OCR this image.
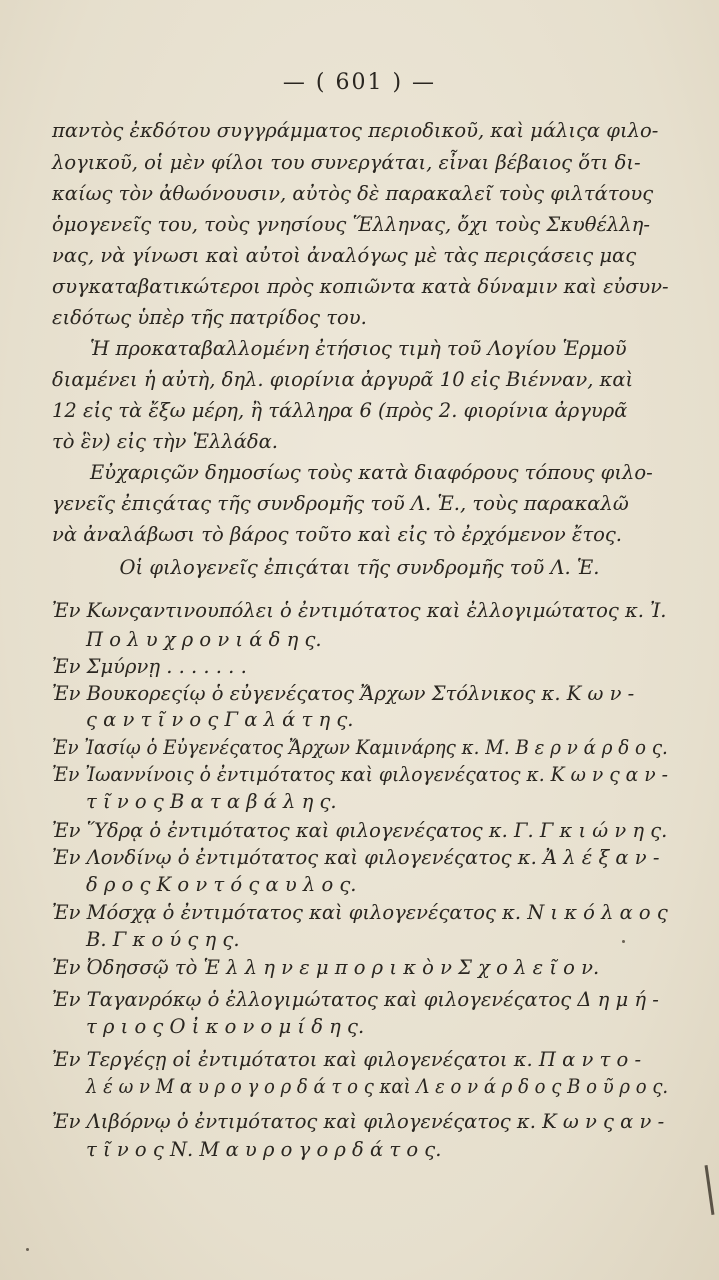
— ( 601 ) —
παντὸς ἐκδότου συγγράμματος περιοδικοῦ, καὶ μάλιςα φιλο-
λογικοῦ, οἱ μὲν φίλοι του συνεργάται, εἶναι βέβαιος ὅτι δι-
καίως τὸν ἀθωόνουσιν, αὐτὸς δὲ παρακαλεῖ τοὺς φιλτάτους
ὁμογενεῖς του, τοὺς γνησίους Ἕλληνας, ὄχι τοὺς Σκυθέλλη-
νας, νὰ γίνωσι καὶ αὐτοὶ ἀναλόγως μὲ τὰς περιςάσεις μας
συγκαταβατικώτεροι πρὸς κοπιῶντα κατὰ δύναμιν καὶ εὐσυν-
ειδότως ὑπὲρ τῆς πατρίδος του.
Ἡ προκαταβαλλομένη ἐτήσιος τιμὴ τοῦ Λογίου Ἑρμοῦ
διαμένει ἡ αὐτὴ, δηλ. φιορίνια ἀργυρᾶ 10 εἰς Βιένναν, καὶ
12 εἰς τὰ ἔξω μέρη, ἢ τάλληρα 6 (πρὸς 2. φιορίνια ἀργυρᾶ
τὸ ἓν) εἰς τὴν Ἑλλάδα.
Εὐχαριςῶν δημοσίως τοὺς κατὰ διαφόρους τόπους φιλο-
γενεῖς ἐπιςάτας τῆς συνδρομῆς τοῦ Λ. Ἑ., τοὺς παρακαλῶ
νὰ ἀναλάβωσι τὸ βάρος τοῦτο καὶ εἰς τὸ ἐρχόμενον ἔτος.
Οἱ φιλογενεῖς ἐπιςάται τῆς συνδρομῆς τοῦ Λ. Ἑ.
Ἐν Κωνςαντινουπόλει ὁ ἐντιμότατος καὶ ἐλλογιμώτατος κ. Ἰ.
Π ο λ υ χ ρ ο ν ι ά δ η ς.
Ἐν Σμύρνῃ . . . . . . .
Ἐν Βουκορεςίῳ ὁ εὐγενέςατος Ἄρχων Στόλνικος κ. Κ ω ν -
ς α ν τ ῖ ν ο ς Γ α λ ά τ η ς.
Ἐν Ἰασίῳ ὁ Εὐγενέςατος Ἄρχων Καμινάρης κ. Μ. Β ε ρ ν ά ρ δ ο ς.
Ἐν Ἰωαννίνοις ὁ ἐντιμότατος καὶ φιλογενέςατος κ. Κ ω ν ς α ν -
τ ῖ ν ο ς Β α τ α β ά λ η ς.
Ἐν Ὕδρᾳ ὁ ἐντιμότατος καὶ φιλογενέςατος κ. Γ. Γ κ ι ώ ν η ς.
Ἐν Λονδίνῳ ὁ ἐντιμότατος καὶ φιλογενέςατος κ. Ἀ λ έ ξ α ν -
δ ρ ο ς Κ ο ν τ ό ς α υ λ ο ς.
Ἐν Μόσχᾳ ὁ ἐντιμότατος καὶ φιλογενέςατος κ. Ν ι κ ό λ α ο ς
Β. Γ κ ο ύ ς η ς.
Ἐν Ὀδησσῷ τὸ Ἑ λ λ η ν ε μ π ο ρ ι κ ὸ ν Σ χ ο λ ε ῖ ο ν.
Ἐν Ταγανρόκῳ ὁ ἐλλογιμώτατος καὶ φιλογενέςατος Δ η μ ή -
τ ρ ι ο ς Ο ἰ κ ο ν ο μ ί δ η ς.
Ἐν Τεργέςῃ οἱ ἐντιμότατοι καὶ φιλογενέςατοι κ. Π α ν τ ο -
λ έ ω ν Μ α υ ρ ο γ ο ρ δ ά τ ο ς καὶ Λ ε ο ν ά ρ δ ο ς Β ο ῦ ρ ο ς.
Ἐν Λιβόρνῳ ὁ ἐντιμότατος καὶ φιλογενέςατος κ. Κ ω ν ς α ν -
τ ῖ ν ο ς Ν. Μ α υ ρ ο γ ο ρ δ ά τ ο ς.
